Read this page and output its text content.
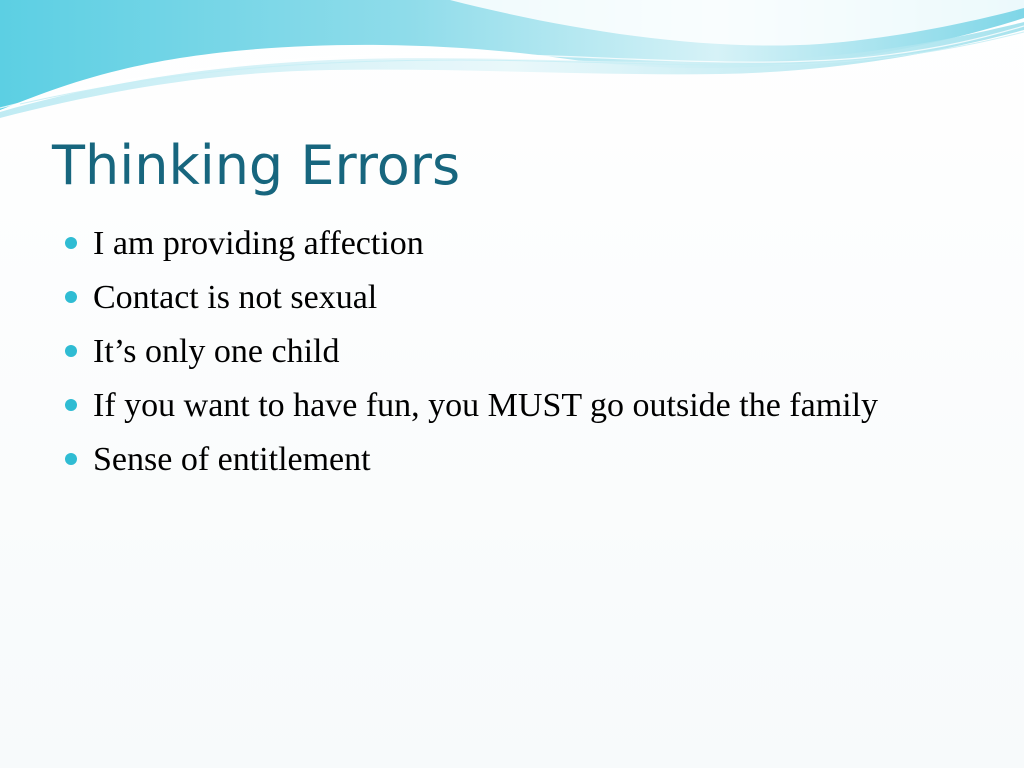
Thinking Errors
I am providing affection
Contact is not sexual
It’s only one child
If you want to have fun, you MUST go outside the family
Sense of entitlement
